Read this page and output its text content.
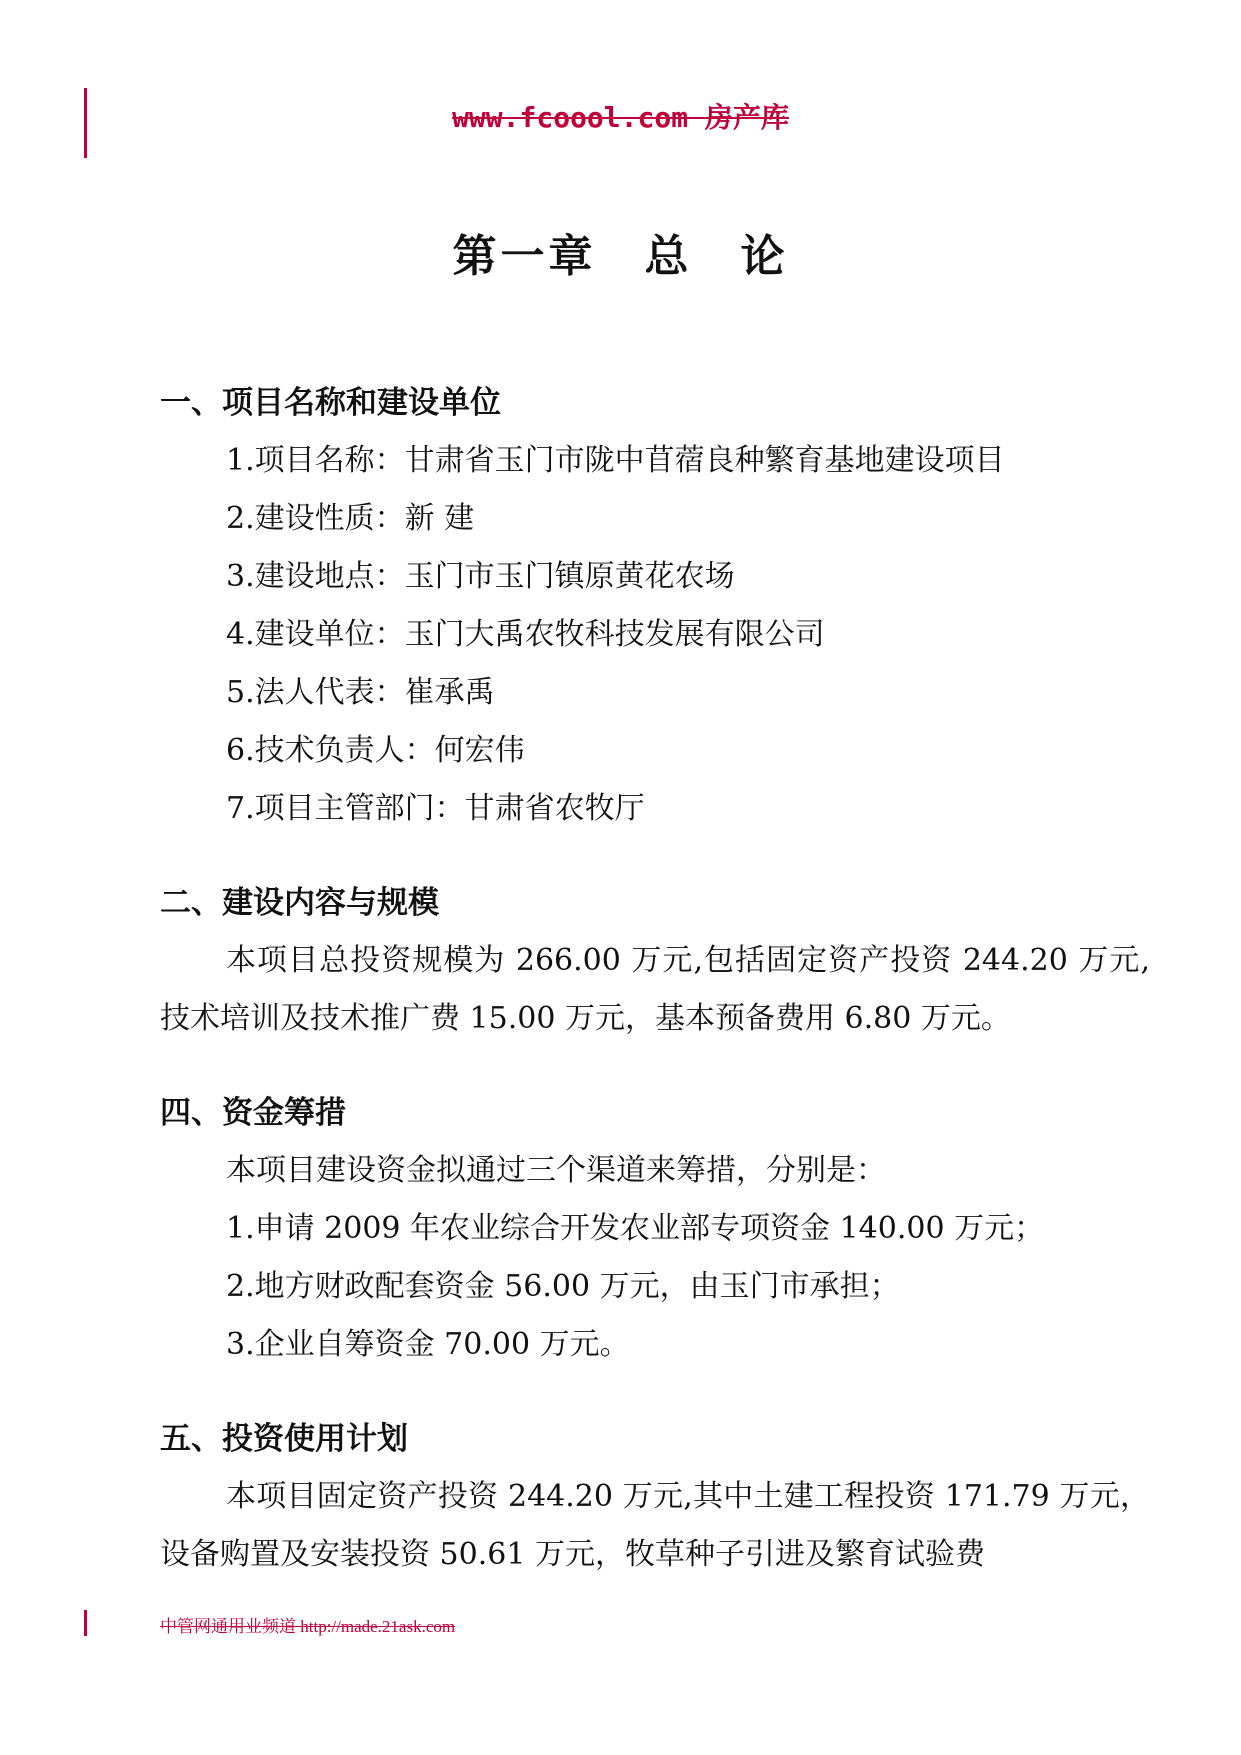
www.fcoool.com 房产库
第一章 总 论
一、项目名称和建设单位
1.项目名称：甘肃省玉门市陇中苜蓿良种繁育基地建设项目
2.建设性质：新 建
3.建设地点：玉门市玉门镇原黄花农场
4.建设单位：玉门大禹农牧科技发展有限公司
5.法人代表：崔承禹
6.技术负责人：何宏伟
7.项目主管部门：甘肃省农牧厅
二、建设内容与规模

本项目总投资规模为 266.00 万元,包括固定资产投资 244.20 万元,技术培训及技术推广费 15.00 万元，基本预备费用 6.80 万元。

四、资金筹措
本项目建设资金拟通过三个渠道来筹措，分别是：
1.申请 2009 年农业综合开发农业部专项资金 140.00 万元；
2.地方财政配套资金 56.00 万元，由玉门市承担；
3.企业自筹资金 70.00 万元。
五、投资使用计划

本项目固定资产投资 244.20 万元,其中土建工程投资 171.79 万元，设备购置及安装投资 50.61 万元，牧草种子引进及繁育试验费

中管网通用业频道 http://made.21ask.com
